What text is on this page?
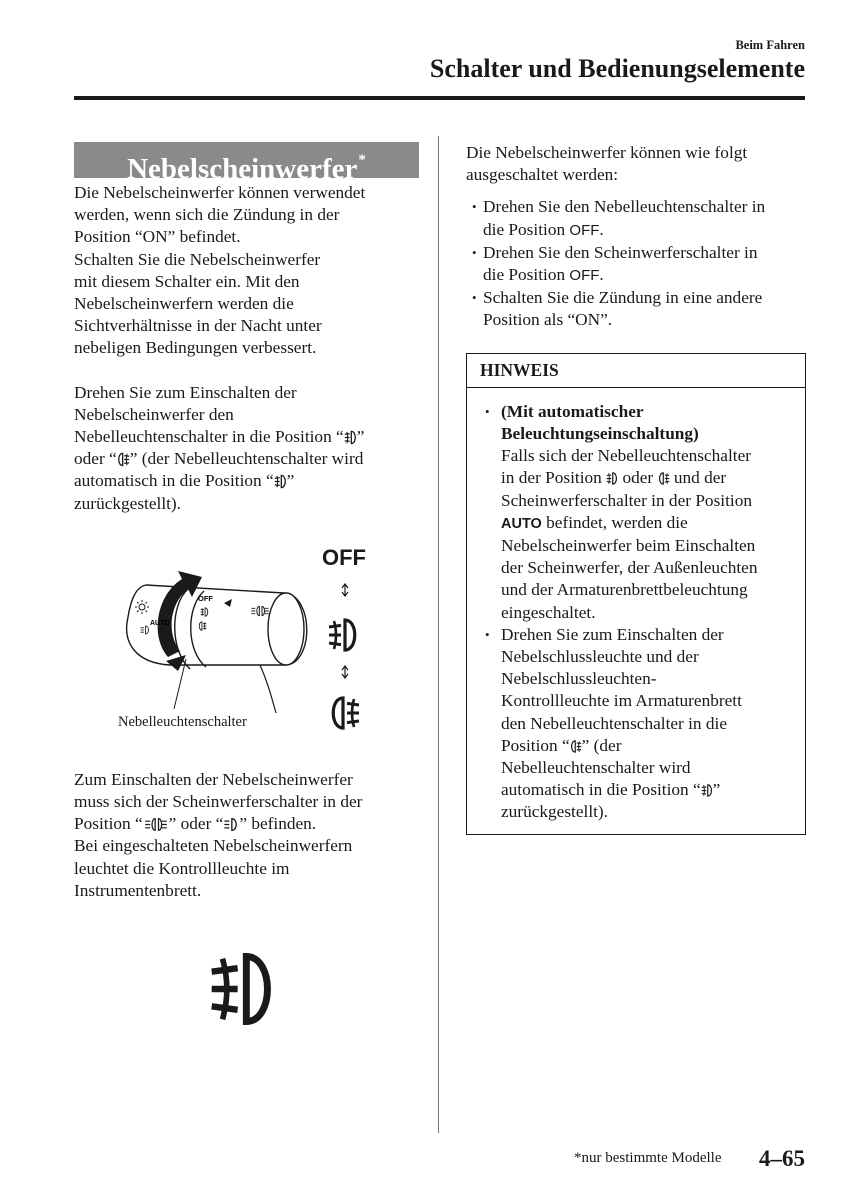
Beim Fahren
Schalter und Bedienungselemente
Nebelscheinwerfer*

Die Nebelscheinwerfer können verwendet
werden, wenn sich die Zündung in der
Position “ON” befindet.
Schalten Sie die Nebelscheinwerfer
mit diesem Schalter ein. Mit den
Nebelscheinwerfern werden die
Sichtverhältnisse in der Nacht unter
nebeligen Bedingungen verbessert.

Drehen Sie zum Einschalten der
Nebelscheinwerfer den
Nebelleuchtenschalter in die Position “ ”
oder “ ” (der Nebelleuchtenschalter wird
automatisch in die Position “ ”
zurückgestellt).

OFF
AUTO
OFF
Nebelleuchtenschalter

Zum Einschalten der Nebelscheinwerfer
muss sich der Scheinwerferschalter in der
Position “ ” oder “ ” befinden.
Bei eingeschalteten Nebelscheinwerfern
leuchtet die Kontrollleuchte im
Instrumentenbrett.

Die Nebelscheinwerfer können wie folgt
ausgeschaltet werden:

• Drehen Sie den Nebelleuchtenschalter in
die Position OFF.
• Drehen Sie den Scheinwerferschalter in
die Position OFF.
• Schalten Sie die Zündung in eine andere
Position als “ON”.
HINWEIS
• (Mit automatischer
Beleuchtungseinschaltung)
Falls sich der Nebelleuchtenschalter
in der Position  oder  und der
Scheinwerferschalter in der Position
AUTO befindet, werden die
Nebelscheinwerfer beim Einschalten
der Scheinwerfer, der Außenleuchten
und der Armaturenbrettbeleuchtung
eingeschaltet.
• Drehen Sie zum Einschalten der
Nebelschlussleuchte und der
Nebelschlussleuchten-
Kontrollleuchte im Armaturenbrett
den Nebelleuchtenschalter in die
Position “ ” (der
Nebelleuchtenschalter wird
automatisch in die Position “ ”
zurückgestellt).
*nur bestimmte Modelle 4–65
